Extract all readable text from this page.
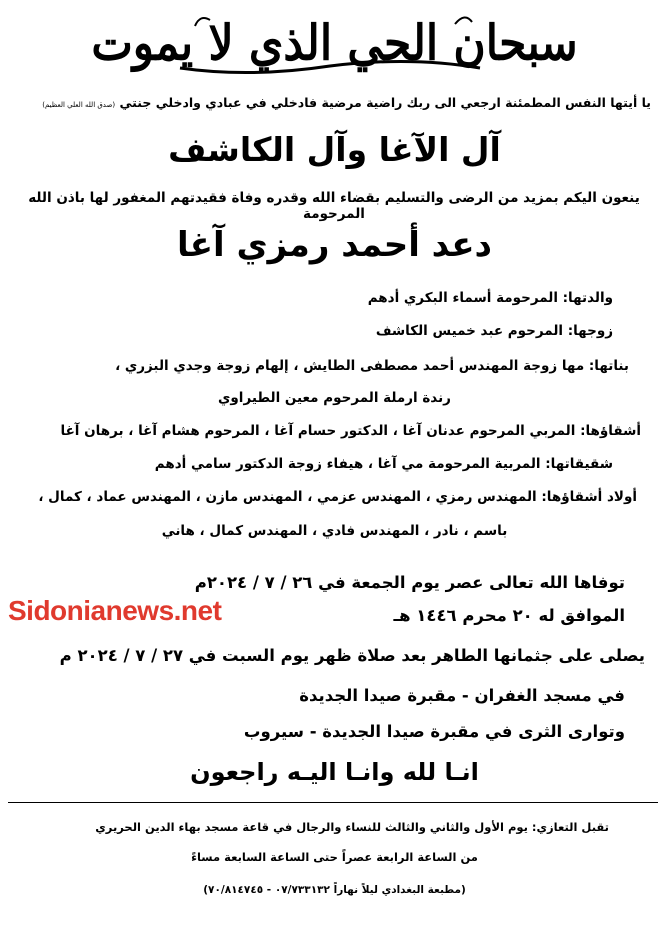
سبحان الحي الذي لا يموت
يا أيتها النفس المطمئنة ارجعي الى ربك راضية مرضية فادخلي في عبادي وادخلي جنتي (صدق الله العلي العظيم)
آل الآغا وآل الكاشف
ينعون اليكم بمزيد من الرضى والتسليم بقضاء الله وقدره وفاة فقيدتهم المغفور لها باذن الله المرحومة
دعد أحمد رمزي آغا
والدتها: المرحومة أسماء البكري أدهم
زوجها: المرحوم عبد خميس الكاشف
بناتها: مها زوجة المهندس أحمد مصطفى الطايش ، إلهام زوجة وجدي البزري ،
رندة ارملة المرحوم معين الطيراوي
أشقاؤها: المربي المرحوم عدنان آغا ، الدكتور حسام آغا ، المرحوم هشام آغا ، برهان آغا
شقيقاتها: المربية المرحومة مي آغا ، هيفاء زوجة الدكتور سامي أدهم
أولاد أشقاؤها: المهندس رمزي ، المهندس عزمي ، المهندس مازن ، المهندس عماد ، كمال ،
باسم ، نادر ، المهندس فادي ، المهندس كمال ، هاني
توفاها الله تعالى عصر يوم الجمعة في ٢٦ / ٧ / ٢٠٢٤م
الموافق له ٢٠ محرم ١٤٤٦ هـ
يصلى على جثمانها الطاهر بعد صلاة ظهر يوم السبت في ٢٧ / ٧ / ٢٠٢٤ م
في مسجد الغفران - مقبرة صيدا الجديدة
وتوارى الثرى في مقبرة صيدا الجديدة - سيروب
Sidonianews.net
انـا لله وانـا اليـه راجعون
تقبل التعازي: يوم الأول والثاني والثالث للنساء والرجال في قاعة مسجد بهاء الدين الحريري
من الساعة الرابعة عصراً حتى الساعة السابعة مساءً
(مطبعة البغدادي ليلاً نهاراً ٠٧/٧٣٣١٣٢ - ٧٠/٨١٤٧٤٥)
